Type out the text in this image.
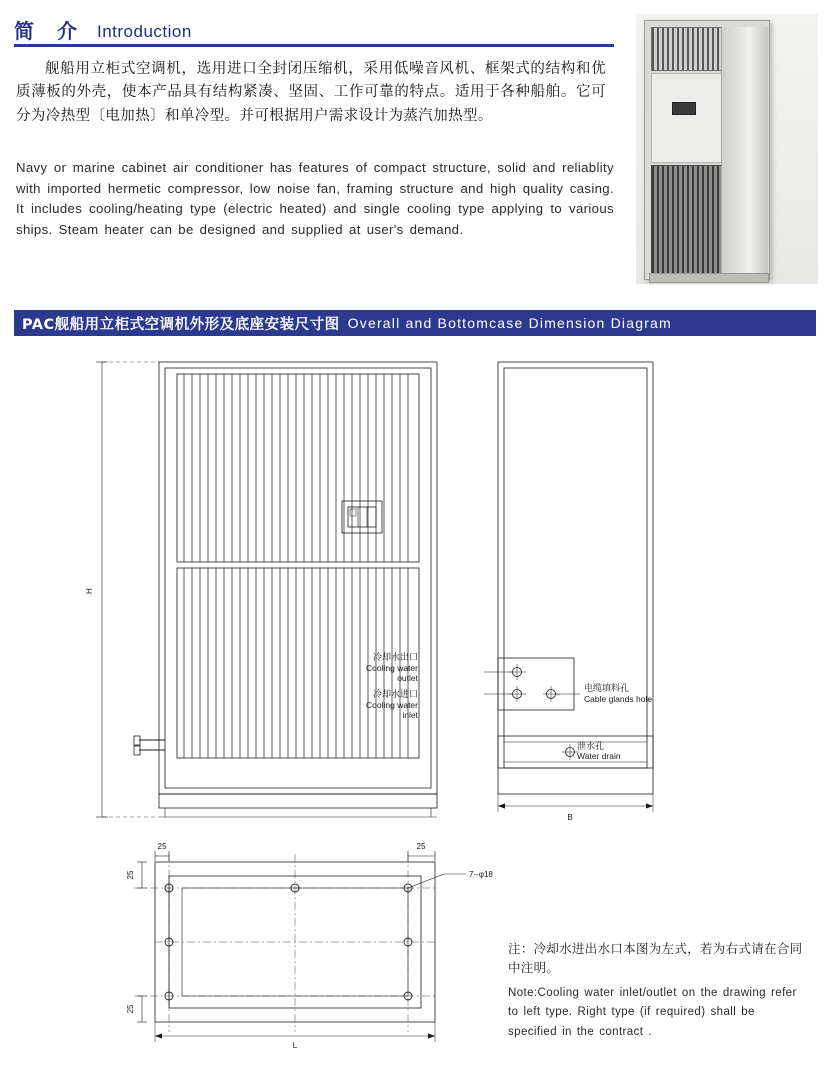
简 介 Introduction
舰船用立柜式空调机，选用进口全封闭压缩机，采用低噪音风机、框架式的结构和优质薄板的外壳，使本产品具有结构紧凑、坚固、工作可靠的特点。适用于各种船舶。它可分为冷热型〔电加热〕和单冷型。并可根据用户需求设计为蒸汽加热型。
Navy or marine cabinet air conditioner has features of compact structure, solid and reliablity with imported hermetic compressor, low noise fan, framing structure and high quality casing. It includes cooling/heating type (electric heated) and single cooling type applying to various ships. Steam heater can be designed and supplied at user's demand.
PAC舰船用立柜式空调机外形及底座安装尺寸图 Overall and Bottomcase Dimension Diagram
H
B
L
冷却水出口
Cooling water
outlet
冷却水进口
Cooling water
inlet
电缆填料孔
Cable glands hole
泄水孔
Water drain
7--φ18
25	25
25
25
注：冷却水进出水口本图为左式，若为右式请在合同中注明。
Note:Cooling water inlet/outlet on the drawing refer to left type. Right type (if required) shall be specified in the contract .
